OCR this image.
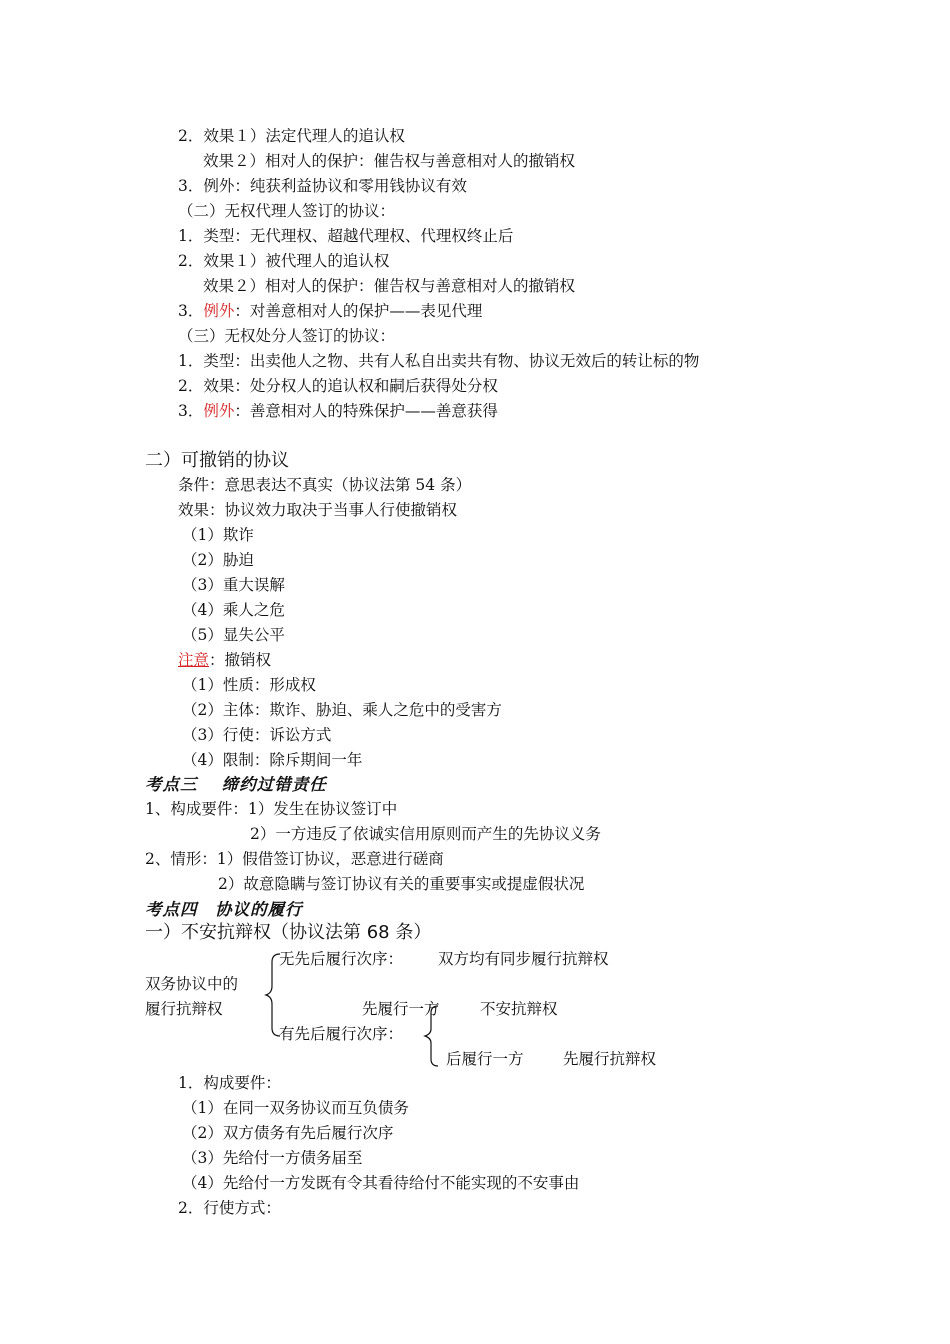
2．效果１）法定代理人的追认权
效果２）相对人的保护：催告权与善意相对人的撤销权
3．例外：纯获利益协议和零用钱协议有效
（二）无权代理人签订的协议：
1．类型：无代理权、超越代理权、代理权终止后
2．效果１）被代理人的追认权
效果２）相对人的保护：催告权与善意相对人的撤销权
3．例外：对善意相对人的保护——表见代理
（三）无权处分人签订的协议：
1．类型：出卖他人之物、共有人私自出卖共有物、协议无效后的转让标的物
2．效果：处分权人的追认权和嗣后获得处分权
3．例外：善意相对人的特殊保护——善意获得
二）可撤销的协议
条件：意思表达不真实（协议法第 54 条）
效果：协议效力取决于当事人行使撤销权
（1）欺诈
（2）胁迫
（3）重大误解
（4）乘人之危
（5）显失公平
注意：撤销权
（1）性质：形成权
（2）主体：欺诈、胁迫、乘人之危中的受害方
（3）行使：诉讼方式
（4）限制：除斥期间一年
考点三　 缔约过错责任
1、构成要件：1）发生在协议签订中
2）一方违反了依诚实信用原则而产生的先协议义务
2、情形：1）假借签订协议，恶意进行磋商
2）故意隐瞒与签订协议有关的重要事实或提虚假状况
考点四　协议的履行
一）不安抗辩权（协议法第 68 条）
双务协议中的
履行抗辩权
无先后履行次序： 双方均有同步履行抗辩权
有先后履行次序：
先履行一方	不安抗辩权
后履行一方	先履行抗辩权
1．构成要件：
（1）在同一双务协议而互负债务
（2）双方债务有先后履行次序
（3）先给付一方债务届至
（4）先给付一方发既有令其看待给付不能实现的不安事由
2．行使方式：
